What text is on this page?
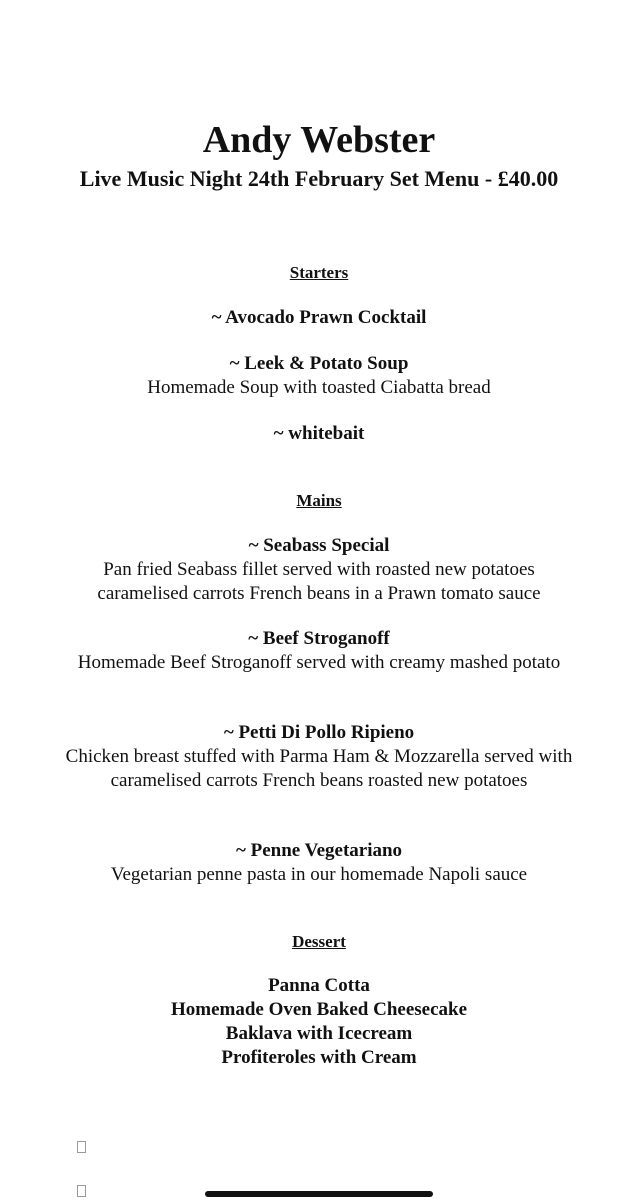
Andy Webster
Live Music Night 24th February Set Menu - £40.00
Starters
~ Avocado Prawn Cocktail
~ Leek & Potato Soup
Homemade Soup with toasted Ciabatta bread
~ whitebait
Mains
~ Seabass Special
Pan fried Seabass fillet served with roasted new potatoes caramelised carrots French beans in a Prawn tomato sauce
~ Beef Stroganoff
Homemade Beef Stroganoff served with creamy mashed potato
~ Petti Di Pollo Ripieno
Chicken breast stuffed with Parma Ham & Mozzarella served with caramelised carrots French beans roasted new potatoes
~ Penne Vegetariano
Vegetarian penne pasta in our homemade Napoli sauce
Dessert
Panna Cotta
Homemade Oven Baked Cheesecake
Baklava with Icecream
Profiteroles with Cream
